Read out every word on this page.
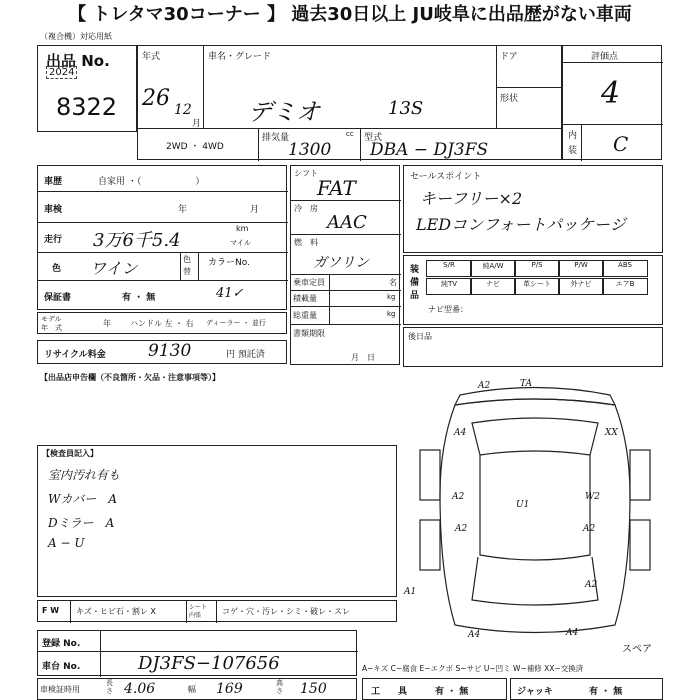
【 トレタマ30コーナー 】 過去30日以上 JU岐阜に出品歴がない車両
（複合機）対応用紙
出品 No.
2024
8322
年式
26 12
月
車名・グレード
デミオ	13S
ドア
形状
2WD ・ 4WD
排気量
1300
cc 型式
DBA − DJ3FS
評価点
4
内
装 C
車歴	自家用 ・（　　　　　　）
車検	年	月
走行 3万6千5.4
km
マイル
色 ワイン	色
替
カラーNo.
保証書	有 ・ 無	41✓
モデル
年　式	年 ハンドル 左 ・ 右 ディーラー ・ 並行
リサイクル料金 9130	円 預託済
シフト
FAT
冷　房
AAC
燃　料
ガソリン
乗車定員	名
積載量	kg
総重量	kg
書類期限
月　日
セールスポイント
キーフリー×2
LEDコンフォートパッケージ
装備品
S/R	純A/W	P/S	P/W	ABS
純TV	ナビ	革シート	外ナビ	エアB
ナビ型番：
後日品
【出品店申告欄（不良箇所・欠品・注意事項等）】
【検査員記入】
室内汚れ有も
Wカバー　A
Dミラー　A
A − U
A2	TA
A4	XX
A2
U1
W2
A2	A2
A1
A2
A4	A4
スペア
F W キズ・ヒビ石・割レ X	シート 内張	コゲ・穴・汚レ・シミ・破レ・スレ
登録 No.
車台 No.	DJ3FS−107656	A−キズ C−腐食 E−エクボ S−サビ U−凹ミ W−補修 XX−交換済
車検証時用
長さ 4.06	幅 169	高さ 150	工　　具	有 ・ 無	ジャッキ	有 ・ 無
